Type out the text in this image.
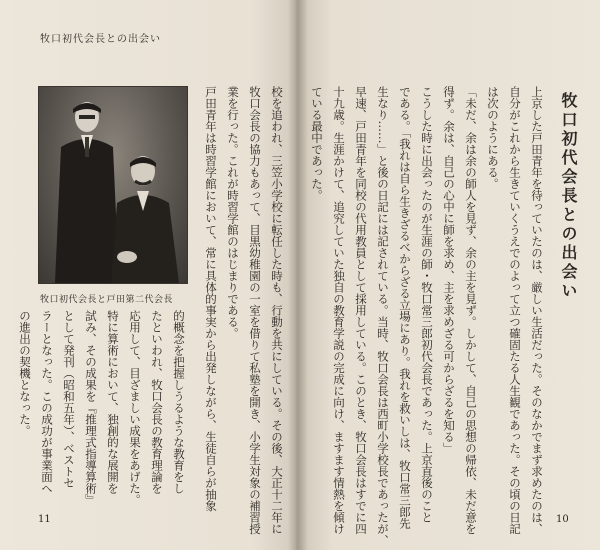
牧口初代会長との出会い
牧口初代会長と戸田第二代会長	校を追われ、三笠小学校に転任した時も、行動を共にしている。その後、大正十二年に
牧口会長の協力もあって、目黒幼稚園の一室を借りて私塾を開き、小学生対象の補習授
業を行った。これが時習学館のはじまりである。
戸田青年は時習学館において、常に具体的事実から出発しながら、生徒自らが抽象
的概念を把握しうるような教育をし
たといわれ、牧口会長の教育理論を
応用して、目ざましい成果をあげた。
特に算術において、独創的な展開を
試み、その成果を『推理式指導算術』
として発刊（昭和五年）、ベストセ
ラーとなった。この成功が事業面へ
の進出の契機となった。
牧口初代会長との出会い
上京した戸田青年を待っていたのは、厳しい生活だった。そのなかでまず求めたのは、
自分がこれから生きていくうえでのよって立つ確固たる人生観であった。その頃の日記
は次のようにある。
「未だ、余は余の師人を見ず、余の主を見ず。しかして、自己の思想の帰依、未だ意を
得ず。余は、自己の心中に師を求め、主を求めざる可からざるを知る」
こうした時に出会ったのが生涯の師・牧口常三郎初代会長であった。上京直後のこと
である。「我れは自ら生きざるべからざる立場にあり。我れを救いしは、牧口常三郎先
生なり……」と後の日記には記されている。当時、牧口会長は西町小学校長であったが、
早速、戸田青年を同校の代用教員として採用している。このとき、牧口会長はすでに四
十九歳。生涯かけて、追究していた独自の教育学説の完成に向け、ますます情熱を傾け
ている最中であった。
11	10
